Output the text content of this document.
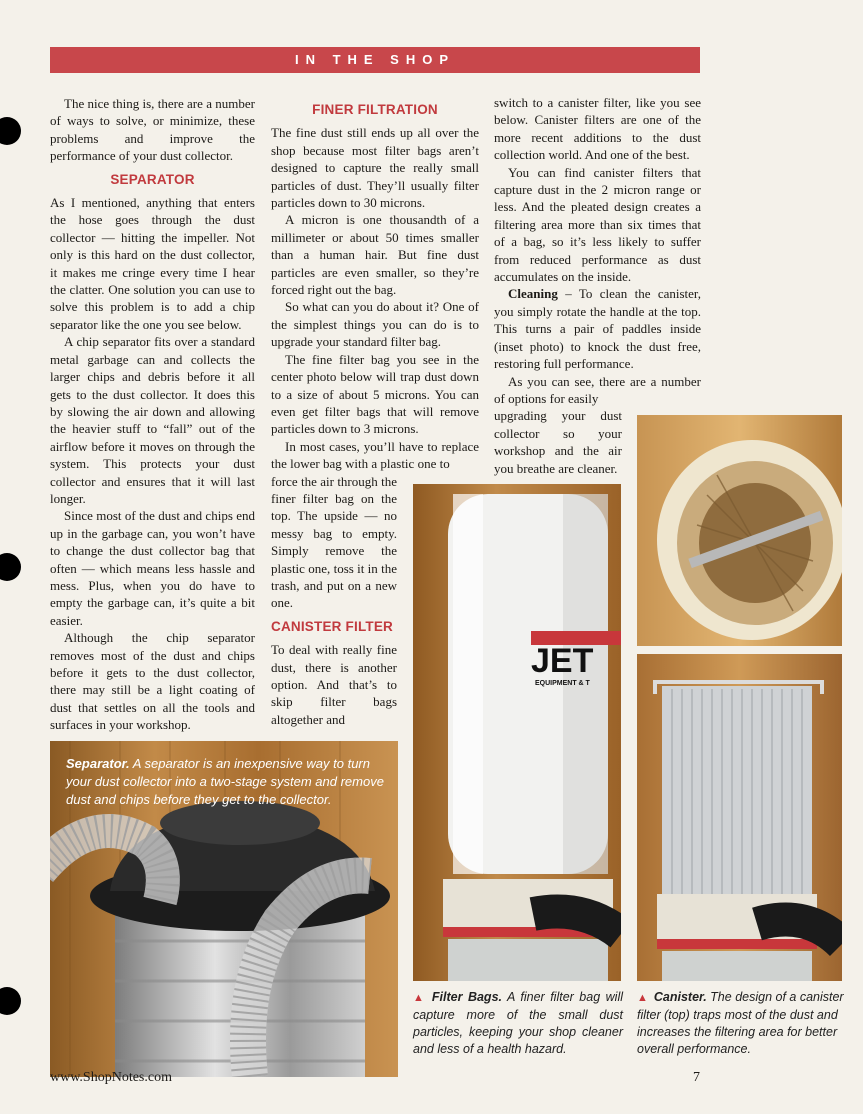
IN THE SHOP

The nice thing is, there are a number of ways to solve, or minimize, these problems and improve the performance of your dust collector.

SEPARATOR

As I mentioned, anything that enters the hose goes through the dust collector — hitting the impeller. Not only is this hard on the dust collector, it makes me cringe every time I hear the clatter. One solution you can use to solve this problem is to add a chip separator like the one you see below.

A chip separator fits over a standard metal garbage can and collects the larger chips and debris before it all gets to the dust collector. It does this by slowing the air down and allowing the heavier stuff to “fall” out of the airflow before it moves on through the system. This protects your dust collector and ensures that it will last longer.

Since most of the dust and chips end up in the garbage can, you won’t have to change the dust collector bag that often — which means less hassle and mess. Plus, when you do have to empty the garbage can, it’s quite a bit easier.

Although the chip separator removes most of the dust and chips before it gets to the dust collector, there may still be a light coating of dust that settles on all the tools and surfaces in your workshop.

FINER FILTRATION

The fine dust still ends up all over the shop because most filter bags aren’t designed to capture the really small particles of dust. They’ll usually filter particles down to 30 microns.

A micron is one thousandth of a millimeter or about 50 times smaller than a human hair. But fine dust particles are even smaller, so they’re forced right out the bag.

So what can you do about it? One of the simplest things you can do is to upgrade your standard filter bag.

The fine filter bag you see in the center photo below will trap dust down to a size of about 5 microns. You can even get filter bags that will remove particles down to 3 microns.

In most cases, you’ll have to replace the lower bag with a plastic one to

force the air through the finer filter bag on the top. The upside — no messy bag to empty. Simply remove the plastic one, toss it in the trash, and put on a new one.

CANISTER FILTER

To deal with really fine dust, there is another option. And that’s to skip filter bags altogether and

switch to a canister filter, like you see below. Canister filters are one of the more recent additions to the dust collection world. And one of the best.

You can find canister filters that capture dust in the 2 micron range or less. And the pleated design creates a filtering area more than six times that of a bag, so it’s less likely to suffer from reduced performance as dust accumulates on the inside.

Cleaning – To clean the canister, you simply rotate the handle at the top. This turns a pair of paddles inside (inset photo) to knock the dust free, restoring full performance.

As you can see, there are a number of options for easily

upgrading your dust collector so your workshop and the air you breathe are cleaner.

Separator. A separator is an inexpensive way to turn your dust collector into a two-stage system and remove dust and chips before they get to the collector.
JET
EQUIPMENT & T
▲ Filter Bags. A finer filter bag will capture more of the small dust particles, keeping your shop cleaner and less of a health hazard.
▲ Canister. The design of a canister filter (top) traps most of the dust and increases the filtering area for better overall performance.
www.ShopNotes.com	7
